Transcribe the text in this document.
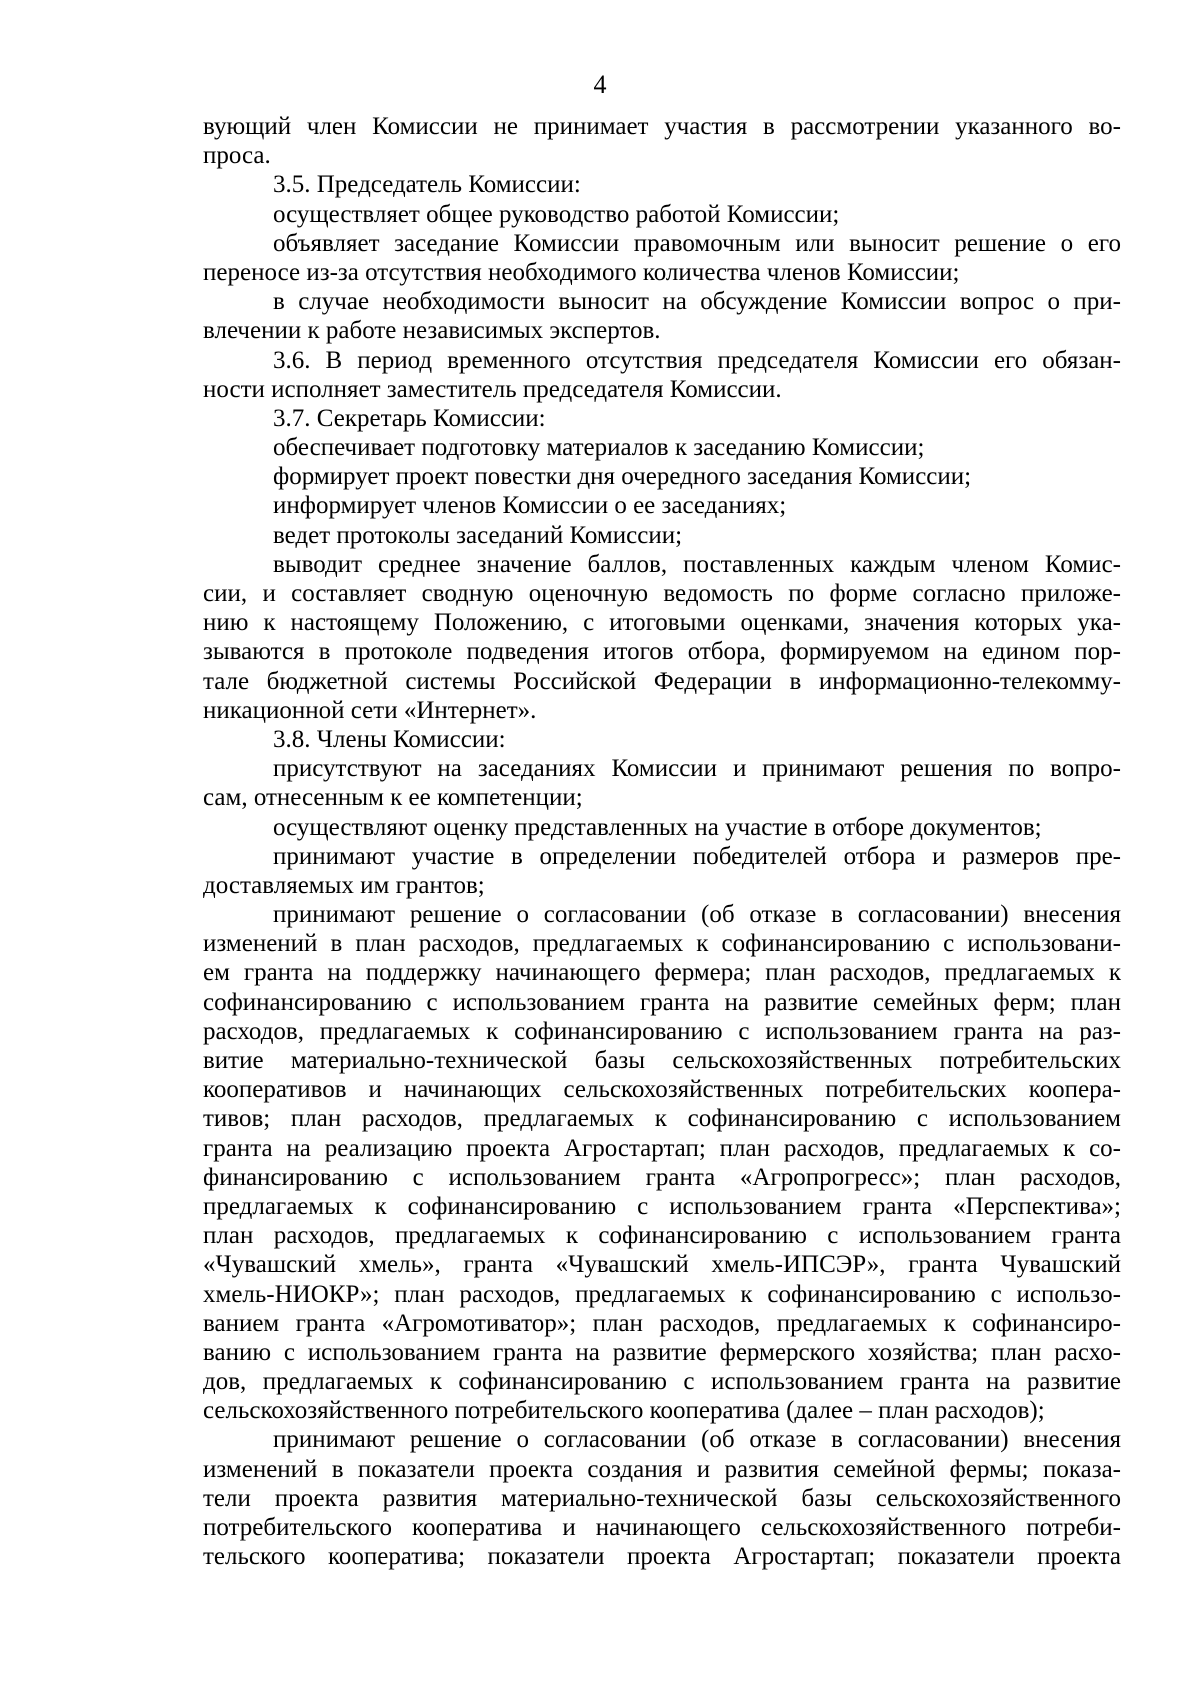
4
вующий член Комиссии не принимает участия в рассмотрении указанного во-
проса.
3.5. Председатель Комиссии:
осуществляет общее руководство работой Комиссии;
объявляет заседание Комиссии правомочным или выносит решение о его
переносе из-за отсутствия необходимого количества членов Комиссии;
в случае необходимости выносит на обсуждение Комиссии вопрос о при-
влечении к работе независимых экспертов.
3.6. В период временного отсутствия председателя Комиссии его обязан-
ности исполняет заместитель председателя Комиссии.
3.7. Секретарь Комиссии:
обеспечивает подготовку материалов к заседанию Комиссии;
формирует проект повестки дня очередного заседания Комиссии;
информирует членов Комиссии о ее заседаниях;
ведет протоколы заседаний Комиссии;
выводит среднее значение баллов, поставленных каждым членом Комис-
сии, и составляет сводную оценочную ведомость по форме согласно приложе-
нию к настоящему Положению, с итоговыми оценками, значения которых ука-
зываются в протоколе подведения итогов отбора, формируемом на едином пор-
тале бюджетной системы Российской Федерации в информационно-телекомму-
никационной сети «Интернет».
3.8. Члены Комиссии:
присутствуют на заседаниях Комиссии и принимают решения по вопро-
сам, отнесенным к ее компетенции;
осуществляют оценку представленных на участие в отборе документов;
принимают участие в определении победителей отбора и размеров пре-
доставляемых им грантов;
принимают решение о согласовании (об отказе в согласовании) внесения
изменений в план расходов, предлагаемых к софинансированию с использовани-
ем гранта на поддержку начинающего фермера; план расходов, предлагаемых к
софинансированию с использованием гранта на развитие семейных ферм; план
расходов, предлагаемых к софинансированию с использованием гранта на раз-
витие материально-технической базы сельскохозяйственных потребительских
кооперативов и начинающих сельскохозяйственных потребительских коопера-
тивов; план расходов, предлагаемых к софинансированию с использованием
гранта на реализацию проекта Агростартап; план расходов, предлагаемых к со-
финансированию с использованием гранта «Агропрогресс»; план расходов,
предлагаемых к софинансированию с использованием гранта «Перспектива»;
план расходов, предлагаемых к софинансированию с использованием гранта
«Чувашский хмель», гранта «Чувашский хмель-ИПСЭР», гранта Чувашский
хмель-НИОКР»; план расходов, предлагаемых к софинансированию с использо-
ванием гранта «Агромотиватор»; план расходов, предлагаемых к софинансиро-
ванию с использованием гранта на развитие фермерского хозяйства; план расхо-
дов, предлагаемых к софинансированию с использованием гранта на развитие
сельскохозяйственного потребительского кооператива (далее – план расходов);
принимают решение о согласовании (об отказе в согласовании) внесения
изменений в показатели проекта создания и развития семейной фермы; показа-
тели проекта развития материально-технической базы сельскохозяйственного
потребительского кооператива и начинающего сельскохозяйственного потреби-
тельского кооператива; показатели проекта Агростартап; показатели проекта
